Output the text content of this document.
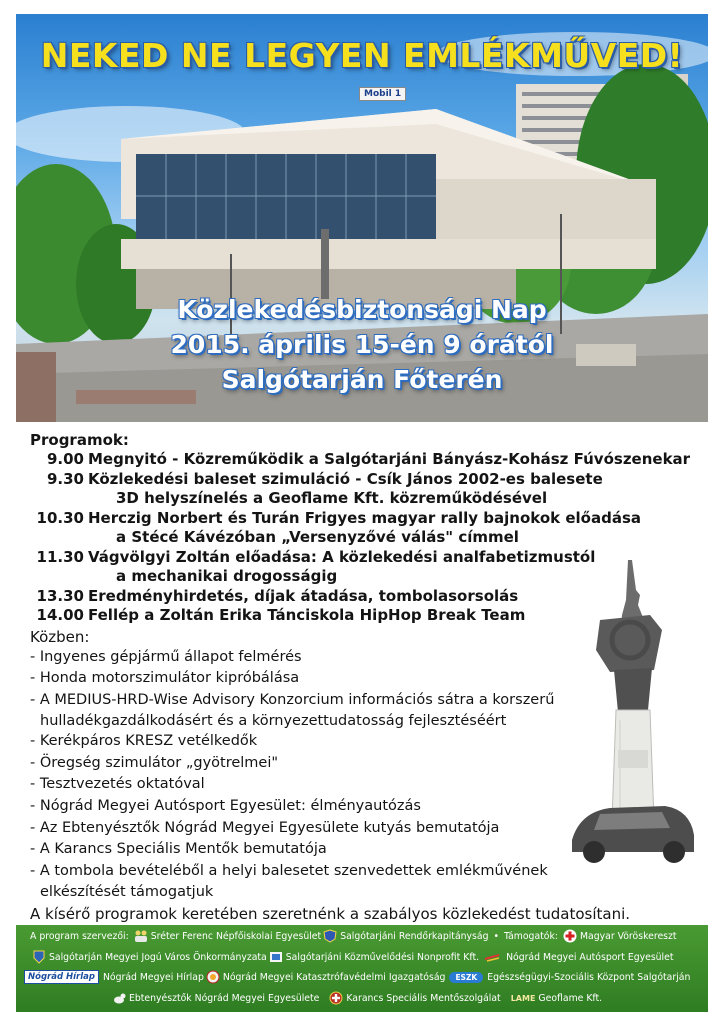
Mobil 1
NEKED NE LEGYEN EMLÉKMŰVED!
Közlekedésbiztonsági Nap
2015. április 15-én 9 órától
Salgótarján Főterén
Programok:
9.00 Megnyitó - Közreműködik a Salgótarjáni Bányász-Kohász Fúvószenekar
9.30 Közlekedési baleset szimuláció - Csík János 2002-es balesete
3D helyszínelés a Geoflame Kft. közreműködésével
10.30 Herczig Norbert és Turán Frigyes magyar rally bajnokok előadása
a Stécé Kávézóban „Versenyzővé válás" címmel
11.30 Vágvölgyi Zoltán előadása: A közlekedési analfabetizmustól
a mechanikai drogosságig
13.30 Eredményhirdetés, díjak átadása, tombolasorsolás
14.00 Fellép a Zoltán Erika Tánciskola HipHop Break Team
Közben:
- Ingyenes gépjármű állapot felmérés
- Honda motorszimulátor kipróbálása
- A MEDIUS-HRD-Wise Advisory Konzorcium információs sátra a korszerű
hulladékgazdálkodásért és a környezettudatosság fejlesztéséért
- Kerékpáros KRESZ vetélkedők
- Öregség szimulátor „gyötrelmei"
- Tesztvezetés oktatóval
- Nógrád Megyei Autósport Egyesület: élményautózás
- Az Ebtenyésztők Nógrád Megyei Egyesülete kutyás bemutatója
- A Karancs Speciális Mentők bemutatója
- A tombola bevételéből a helyi balesetet szenvedettek emlékművének
elkészítését támogatjuk
A kísérő programok keretében szeretnénk a szabályos közlekedést tudatosítani.
A program szervezői: Sréter Ferenc Népfőiskolai Egyesület Salgótarjáni Rendőrkapitányság • Támogatók: Magyar Vöröskereszt
Salgótarján Megyei Jogú Város Önkormányzata Salgótarjáni Közművelődési Nonprofit Kft.	Nógrád Megyei Autósport Egyesület
Nógrád Hírlap Nógrád Megyei Hírlap Nógrád Megyei Katasztrófavédelmi Igazgatóság	ESZK	Egészségügyi-Szociális Központ Salgótarján
Ebtenyésztők Nógrád Megyei Egyesülete	Karancs Speciális Mentőszolgálat LAME Geoflame Kft.
